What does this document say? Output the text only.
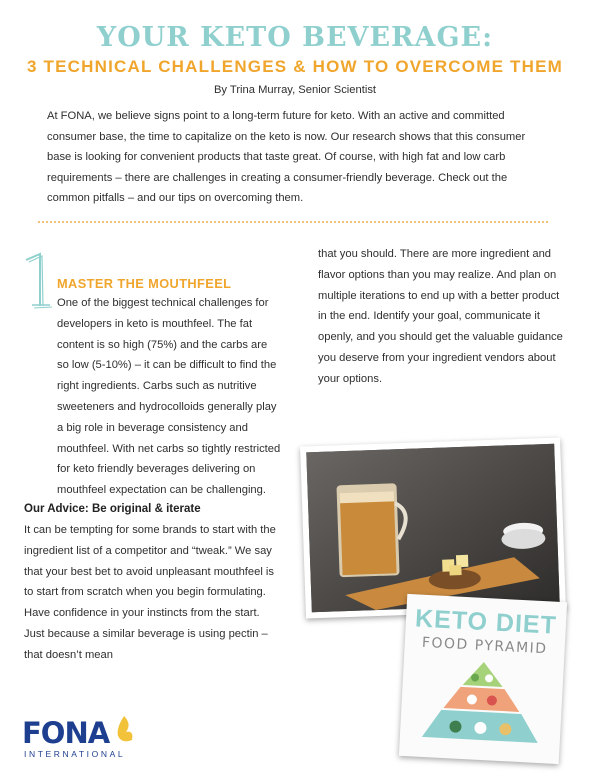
YOUR KETO BEVERAGE:
3 TECHNICAL CHALLENGES & HOW TO OVERCOME THEM
By Trina Murray, Senior Scientist
At FONA, we believe signs point to a long-term future for keto. With an active and committed consumer base, the time to capitalize on the keto is now. Our research shows that this consumer base is looking for convenient products that taste great. Of course, with high fat and low carb requirements – there are challenges in creating a consumer-friendly beverage. Check out the common pitfalls – and our tips on overcoming them.
MASTER THE MOUTHFEEL
One of the biggest technical challenges for developers in keto is mouthfeel. The fat content is so high (75%) and the carbs are so low (5-10%) – it can be difficult to find the right ingredients. Carbs such as nutritive sweeteners and hydrocolloids generally play a big role in beverage consistency and mouthfeel. With net carbs so tightly restricted for keto friendly beverages delivering on mouthfeel expectation can be challenging.
Our Advice: Be original & iterate
It can be tempting for some brands to start with the ingredient list of a competitor and “tweak.” We say that your best bet to avoid unpleasant mouthfeel is to start from scratch when you begin formulating. Have confidence in your instincts from the start. Just because a similar beverage is using pectin – that doesn’t mean
that you should. There are more ingredient and flavor options than you may realize. And plan on multiple iterations to end up with a better product in the end. Identify your goal, communicate it openly, and you should get the valuable guidance you deserve from your ingredient vendors about your options.
KETO DIET
FOOD PYRAMID
FONA
INTERNATIONAL
